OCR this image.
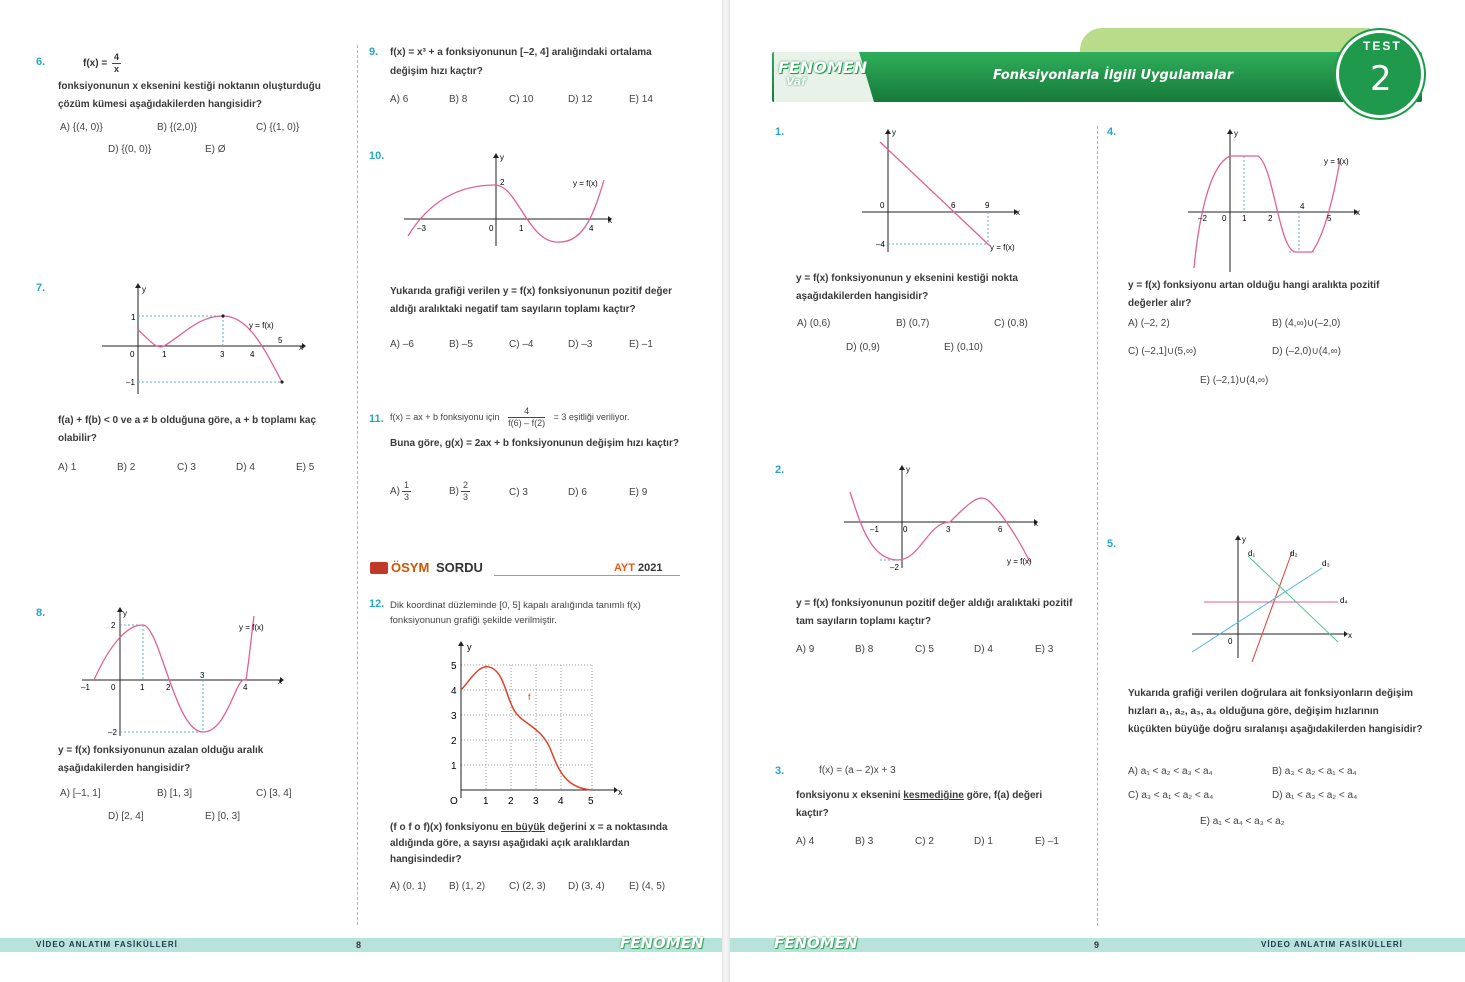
6.	$f(x) = \frac{4}{x}$
fonksiyonunun x eksenini kestiği noktanın oluşturduğu çözüm kümesi aşağıdakilerden hangisidir?
A) {(4, 0)}	B) {(2,0)}	C) {(1, 0)}
D) {(0, 0)}	E) Ø
7.	y
x
y = f(x)
0	1	3	4
5
1
–1
f(a) + f(b) < 0 ve a ≠ b olduğuna göre, a + b toplamı kaç olabilir?
A) 1	B) 2	C) 3	D) 4	E) 5
8.	y
x
y = f(x)
–1	0	1	2
3
4
2
–2
y = f(x) fonksiyonunun azalan olduğu aralık aşağıdakilerden hangisidir?
A) [–1, 1]	B) [1, 3]	C) [3, 4]
D) [2, 4]	E) [0, 3]
9. f(x) = x³ + a fonksiyonunun [–2, 4] aralığındaki ortalama
değişim hızı kaçtır?
A) 6	B) 8	C) 10	D) 12	E) 14
10.	y
x
y = f(x)
–3	0	1	4
2
Yukarıda grafiği verilen y = f(x) fonksiyonunun pozitif değer aldığı aralıktaki negatif tam sayıların toplamı kaçtır?
A) –6	B) –5	C) –4	D) –3	E) –1
11. f(x) = ax + b fonksiyonu için $\frac{4}{f(6) - f(2)} = 3$ eşitliği veriliyor.
Buna göre, g(x) = 2ax + b fonksiyonunun değişim hızı kaçtır?
$A) \frac{1}{3}$	$B) \frac{2}{3}$	C) 3	D) 6	E) 9
ÖSYM SORDU	AYT 2021
12. Dik koordinat düzleminde [0, 5] kapalı aralığında tanımlı f(x) fonksiyonunun grafiği şekilde verilmiştir.
y
x
f
O	1 2 3 4 5
1
2
3
4
5
(f o f o f)(x) fonksiyonu en büyük değerini x = a noktasında aldığında göre, a sayısı aşağıdaki açık aralıklardan hangisindedir?
A) (0, 1) B) (1, 2) C) (2, 3) D) (3, 4) E) (4, 5)
VİDEO ANLATIM FASİKÜLLERİ	8	FENOMEN
FENOMEN
Vaf	Fonksiyonlarla İlgili Uygulamalar
TEST
2
1.	y
x
y = f(x)
0	6	9
–4
y = f(x) fonksiyonunun y eksenini kestiği nokta aşağıdakilerden hangisidir?
A) (0,6)	B) (0,7)	C) (0,8)
D) (0,9)	E) (0,10)
2.	y
x
y = f(x)
–1	0	3	6
–2
y = f(x) fonksiyonunun pozitif değer aldığı aralıktaki pozitif tam sayıların toplamı kaçtır?
A) 9	B) 8	C) 5	D) 4	E) 3
3.	f(x) = (a – 2)x + 3
fonksiyonu x eksenini kesmediğine göre, f(a) değeri kaçtır?
A) 4	B) 3	C) 2	D) 1	E) –1
4.	y
x
y = f(x)
–2 0 1	2
4
5
y = f(x) fonksiyonu artan olduğu hangi aralıkta pozitif değerler alır?
A) (–2, 2)	B) (4,∞)∪(–2,0)
C) (–2,1]∪(5,∞)	D) (–2,0)∪(4,∞)
E) (–2,1)∪(4,∞)
5.	y
x
0
d₁	d₂
d₃
d₄
Yukarıda grafiği verilen doğrulara ait fonksiyonların değişim hızları a₁, a₂, a₃, a₄ olduğuna göre, değişim hızlarının küçükten büyüğe doğru sıralanışı aşağıdakilerden hangisidir?
A) a₁ < a₂ < a₃ < a₄	B) a₃ < a₂ < a₁ < a₄
C) a₃ < a₁ < a₂ < a₄	D) a₁ < a₃ < a₂ < a₄
E) a₁ < a₄ < a₃ < a₂
FENOMEN	9	VİDEO ANLATIM FASİKÜLLERİ
